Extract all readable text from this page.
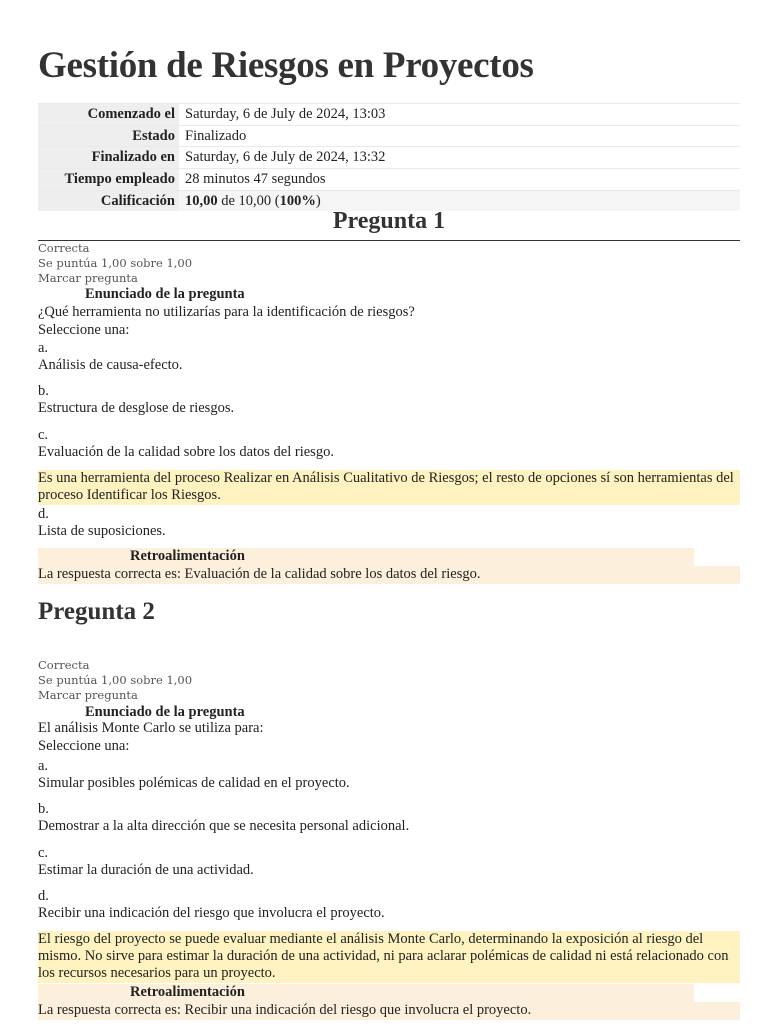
Gestión de Riesgos en Proyectos
Comenzado el	Saturday, 6 de July de 2024, 13:03
Estado	Finalizado
Finalizado en	Saturday, 6 de July de 2024, 13:32
Tiempo empleado	28 minutos 47 segundos
Calificación	10,00 de 10,00 (100%)
Pregunta 1
Correcta
Se puntúa 1,00 sobre 1,00
Marcar pregunta
Enunciado de la pregunta
¿Qué herramienta no utilizarías para la identificación de riesgos?
Seleccione una:
a.
Análisis de causa-efecto.
b.
Estructura de desglose de riesgos.
c.
Evaluación de la calidad sobre los datos del riesgo.
Es una herramienta del proceso Realizar en Análisis Cualitativo de Riesgos; el resto de opciones sí son herramientas del proceso Identificar los Riesgos.
d.
Lista de suposiciones.
Retroalimentación
La respuesta correcta es: Evaluación de la calidad sobre los datos del riesgo.
Pregunta 2
Correcta
Se puntúa 1,00 sobre 1,00
Marcar pregunta
Enunciado de la pregunta
El análisis Monte Carlo se utiliza para:
Seleccione una:
a.
Simular posibles polémicas de calidad en el proyecto.
b.
Demostrar a la alta dirección que se necesita personal adicional.
c.
Estimar la duración de una actividad.
d.
Recibir una indicación del riesgo que involucra el proyecto.
El riesgo del proyecto se puede evaluar mediante el análisis Monte Carlo, determinando la exposición al riesgo del mismo. No sirve para estimar la duración de una actividad, ni para aclarar polémicas de calidad ni está relacionado con los recursos necesarios para un proyecto.
Retroalimentación
La respuesta correcta es: Recibir una indicación del riesgo que involucra el proyecto.
